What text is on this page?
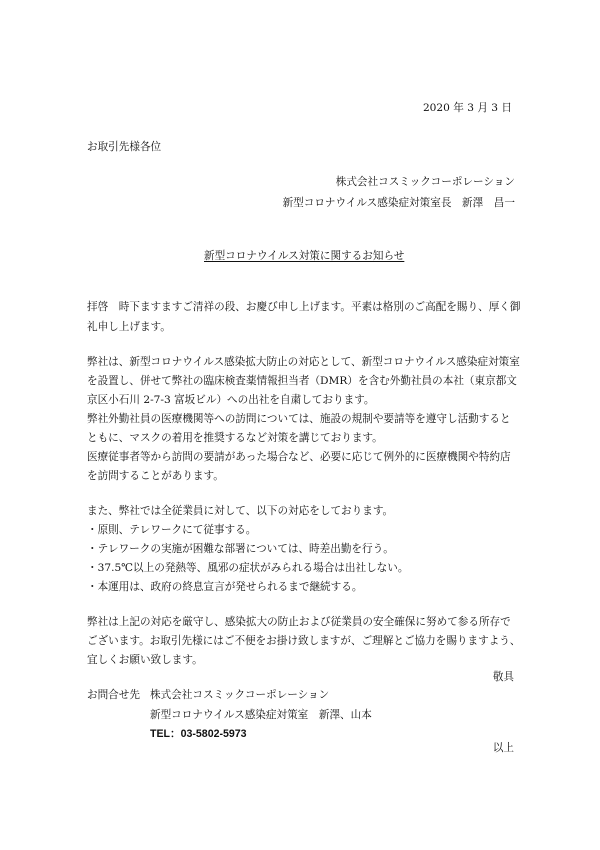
2020 年 3 月 3 日
お取引先様各位
株式会社コスミックコーポレーション
新型コロナウイルス感染症対策室長　新澤　昌一
新型コロナウイルス対策に関するお知らせ
拝啓　時下ますますご清祥の段、お慶び申し上げます。平素は格別のご高配を賜り、厚く御
礼申し上げます。
弊社は、新型コロナウイルス感染拡大防止の対応として、新型コロナウイルス感染症対策室
を設置し、併せて弊社の臨床検査薬情報担当者（DMR）を含む外勤社員の本社（東京都文
京区小石川 2-7-3 富坂ビル）への出社を自粛しております。
弊社外勤社員の医療機関等への訪問については、施設の規制や要請等を遵守し活動すると
ともに、マスクの着用を推奨するなど対策を講じております。
医療従事者等から訪問の要請があった場合など、必要に応じて例外的に医療機関や特約店
を訪問することがあります。
また、弊社では全従業員に対して、以下の対応をしております。
・原則、テレワークにて従事する。
・テレワークの実施が困難な部署については、時差出勤を行う。
・37.5℃以上の発熱等、風邪の症状がみられる場合は出社しない。
・本運用は、政府の終息宣言が発せられるまで継続する。
弊社は上記の対応を厳守し、感染拡大の防止および従業員の安全確保に努めて参る所存で
ございます。お取引先様にはご不便をお掛け致しますが、ご理解とご協力を賜りますよう、
宜しくお願い致します。
敬具
お問合せ先 株式会社コスミックコーポレーション
新型コロナウイルス感染症対策室　新澤、山本
TEL：03-5802-5973
以上
